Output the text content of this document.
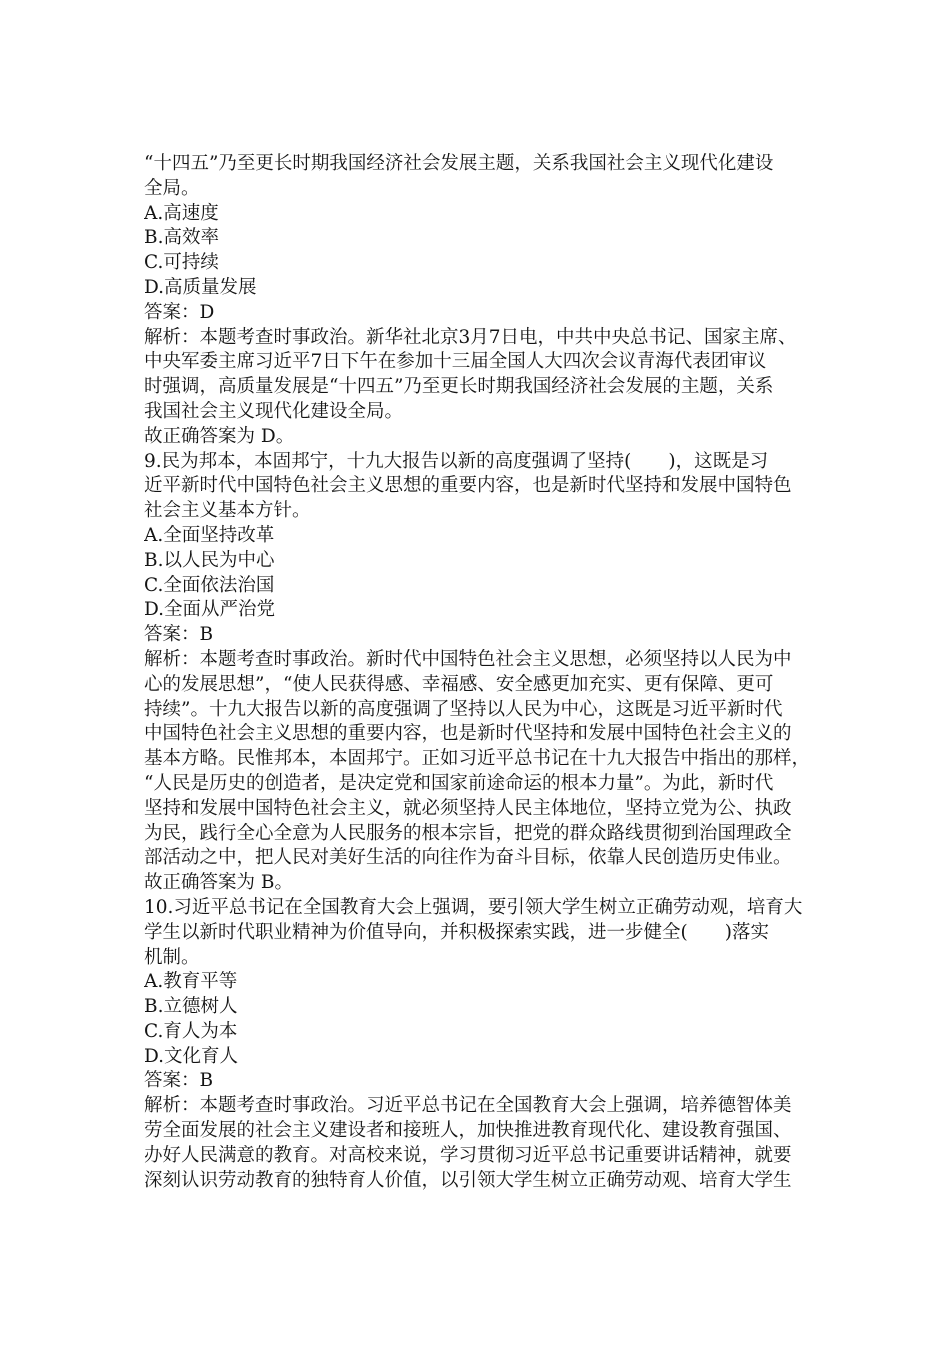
“十四五”乃至更长时期我国经济社会发展主题，关系我国社会主义现代化建设
全局。
A.高速度
B.高效率
C.可持续
D.高质量发展
答案：D
解析：本题考查时事政治。新华社北京3月7日电，中共中央总书记、国家主席、
中央军委主席习近平7日下午在参加十三届全国人大四次会议青海代表团审议
时强调，高质量发展是“十四五”乃至更长时期我国经济社会发展的主题，关系
我国社会主义现代化建设全局。
故正确答案为 D。
9.民为邦本，本固邦宁，十九大报告以新的高度强调了坚持(　　)，这既是习
近平新时代中国特色社会主义思想的重要内容，也是新时代坚持和发展中国特色
社会主义基本方针。
A.全面坚持改革
B.以人民为中心
C.全面依法治国
D.全面从严治党
答案：B
解析：本题考查时事政治。新时代中国特色社会主义思想，必须坚持以人民为中
心的发展思想”，“使人民获得感、幸福感、安全感更加充实、更有保障、更可
持续”。十九大报告以新的高度强调了坚持以人民为中心，这既是习近平新时代
中国特色社会主义思想的重要内容，也是新时代坚持和发展中国特色社会主义的
基本方略。民惟邦本，本固邦宁。正如习近平总书记在十九大报告中指出的那样，
“人民是历史的创造者，是决定党和国家前途命运的根本力量”。为此，新时代
坚持和发展中国特色社会主义，就必须坚持人民主体地位，坚持立党为公、执政
为民，践行全心全意为人民服务的根本宗旨，把党的群众路线贯彻到治国理政全
部活动之中，把人民对美好生活的向往作为奋斗目标，依靠人民创造历史伟业。
故正确答案为 B。
10.习近平总书记在全国教育大会上强调，要引领大学生树立正确劳动观，培育大
学生以新时代职业精神为价值导向，并积极探索实践，进一步健全(　　)落实
机制。
A.教育平等
B.立德树人
C.育人为本
D.文化育人
答案：B
解析：本题考查时事政治。习近平总书记在全国教育大会上强调，培养德智体美
劳全面发展的社会主义建设者和接班人，加快推进教育现代化、建设教育强国、
办好人民满意的教育。对高校来说，学习贯彻习近平总书记重要讲话精神，就要
深刻认识劳动教育的独特育人价值，以引领大学生树立正确劳动观、培育大学生
